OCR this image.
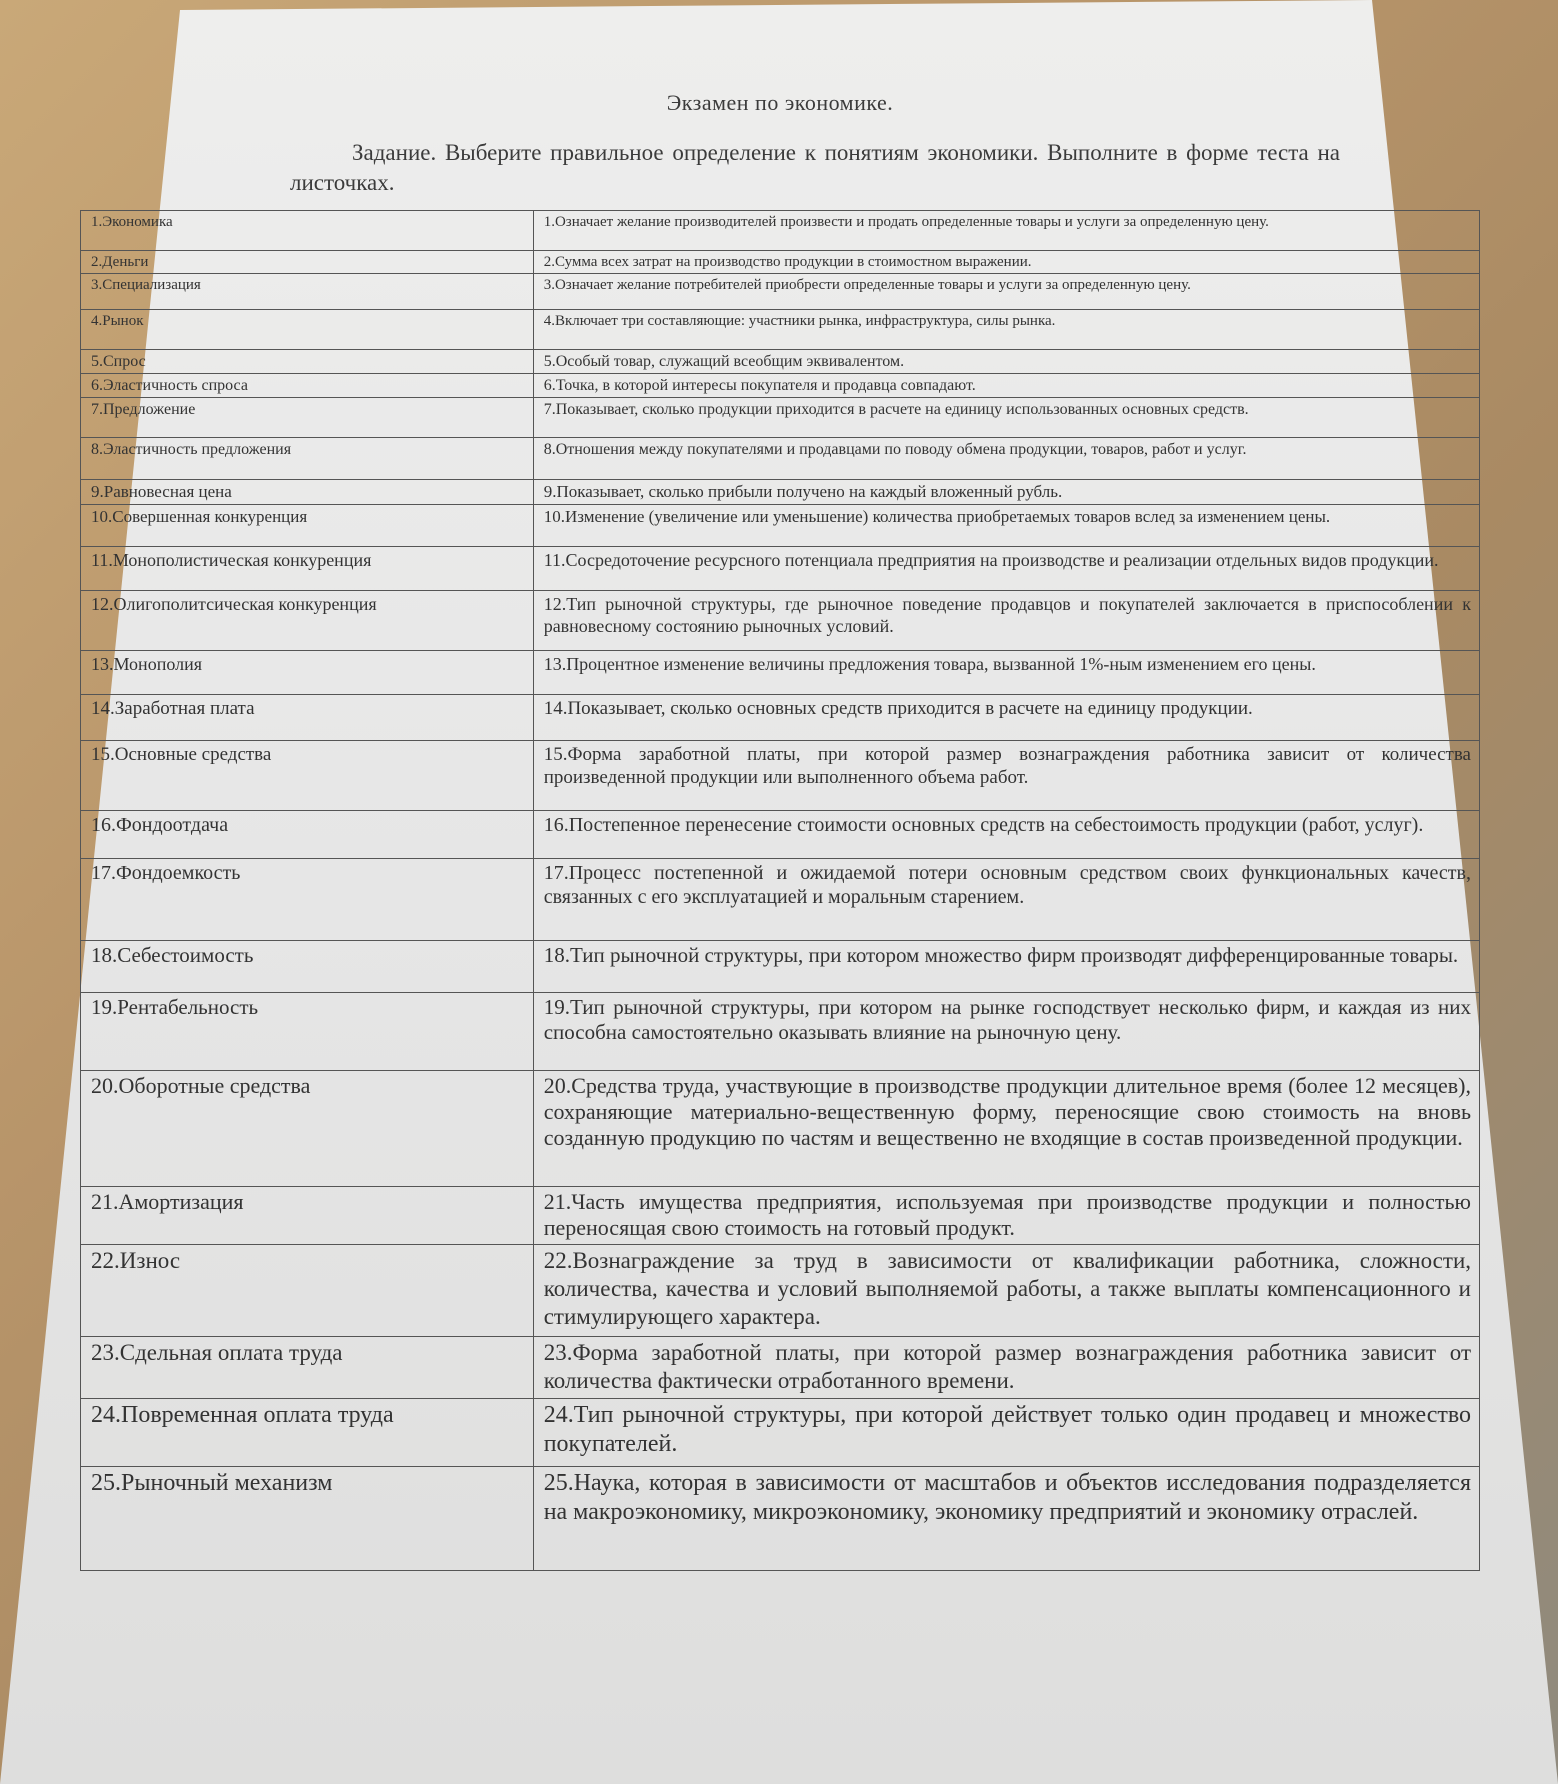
Экзамен по экономике.
Задание. Выберите правильное определение к понятиям экономики. Выполните в форме теста на листочках.
1.Экономика	1.Означает желание производителей произвести и продать определенные товары и услуги за определенную цену.
2.Деньги	2.Сумма всех затрат на производство продукции в стоимостном выражении.
3.Специализация	3.Означает желание потребителей приобрести определенные товары и услуги за определенную цену.
4.Рынок	4.Включает три составляющие: участники рынка, инфраструктура, силы рынка.
5.Спрос	5.Особый товар, служащий всеобщим эквивалентом.
6.Эластичность спроса	6.Точка, в которой интересы покупателя и продавца совпадают.
7.Предложение	7.Показывает, сколько продукции приходится в расчете на единицу использованных основных средств.
8.Эластичность предложения	8.Отношения между покупателями и продавцами по поводу обмена продукции, товаров, работ и услуг.
9.Равновесная цена	9.Показывает, сколько прибыли получено на каждый вложенный рубль.
10.Совершенная конкуренция	10.Изменение (увеличение или уменьшение) количества приобретаемых товаров вслед за изменением цены.
11.Монополистическая конкуренция	11.Сосредоточение ресурсного потенциала предприятия на производстве и реализации отдельных видов продукции.
12.Олигополитсическая конкуренция	12.Тип рыночной структуры, где рыночное поведение продавцов и покупателей заключается в приспособлении к равновесному состоянию рыночных условий.
13.Монополия	13.Процентное изменение величины предложения товара, вызванной 1%-ным изменением его цены.
14.Заработная плата	14.Показывает, сколько основных средств приходится в расчете на единицу продукции.
15.Основные средства	15.Форма заработной платы, при которой размер вознаграждения работника зависит от количества произведенной продукции или выполненного объема работ.
16.Фондоотдача	16.Постепенное перенесение стоимости основных средств на себестоимость продукции (работ, услуг).
17.Фондоемкость	17.Процесс постепенной и ожидаемой потери основным средством своих функциональных качеств, связанных с его эксплуатацией и моральным старением.
18.Себестоимость	18.Тип рыночной структуры, при котором множество фирм производят дифференцированные товары.
19.Рентабельность	19.Тип рыночной структуры, при котором на рынке господствует несколько фирм, и каждая из них способна самостоятельно оказывать влияние на рыночную цену.
20.Оборотные средства	20.Средства труда, участвующие в производстве продукции длительное время (более 12 месяцев), сохраняющие материально-вещественную форму, переносящие свою стоимость на вновь созданную продукцию по частям и вещественно не входящие в состав произведенной продукции.
21.Амортизация	21.Часть имущества предприятия, используемая при производстве продукции и полностью переносящая свою стоимость на готовый продукт.
22.Износ	22.Вознаграждение за труд в зависимости от квалификации работника, сложности, количества, качества и условий выполняемой работы, а также выплаты компенсационного и стимулирующего характера.
23.Сдельная оплата труда	23.Форма заработной платы, при которой размер вознаграждения работника зависит от количества фактически отработанного времени.
24.Повременная оплата труда	24.Тип рыночной структуры, при которой действует только один продавец и множество покупателей.
25.Рыночный механизм	25.Наука, которая в зависимости от масштабов и объектов исследования подразделяется на макроэкономику, микроэкономику, экономику предприятий и экономику отраслей.
